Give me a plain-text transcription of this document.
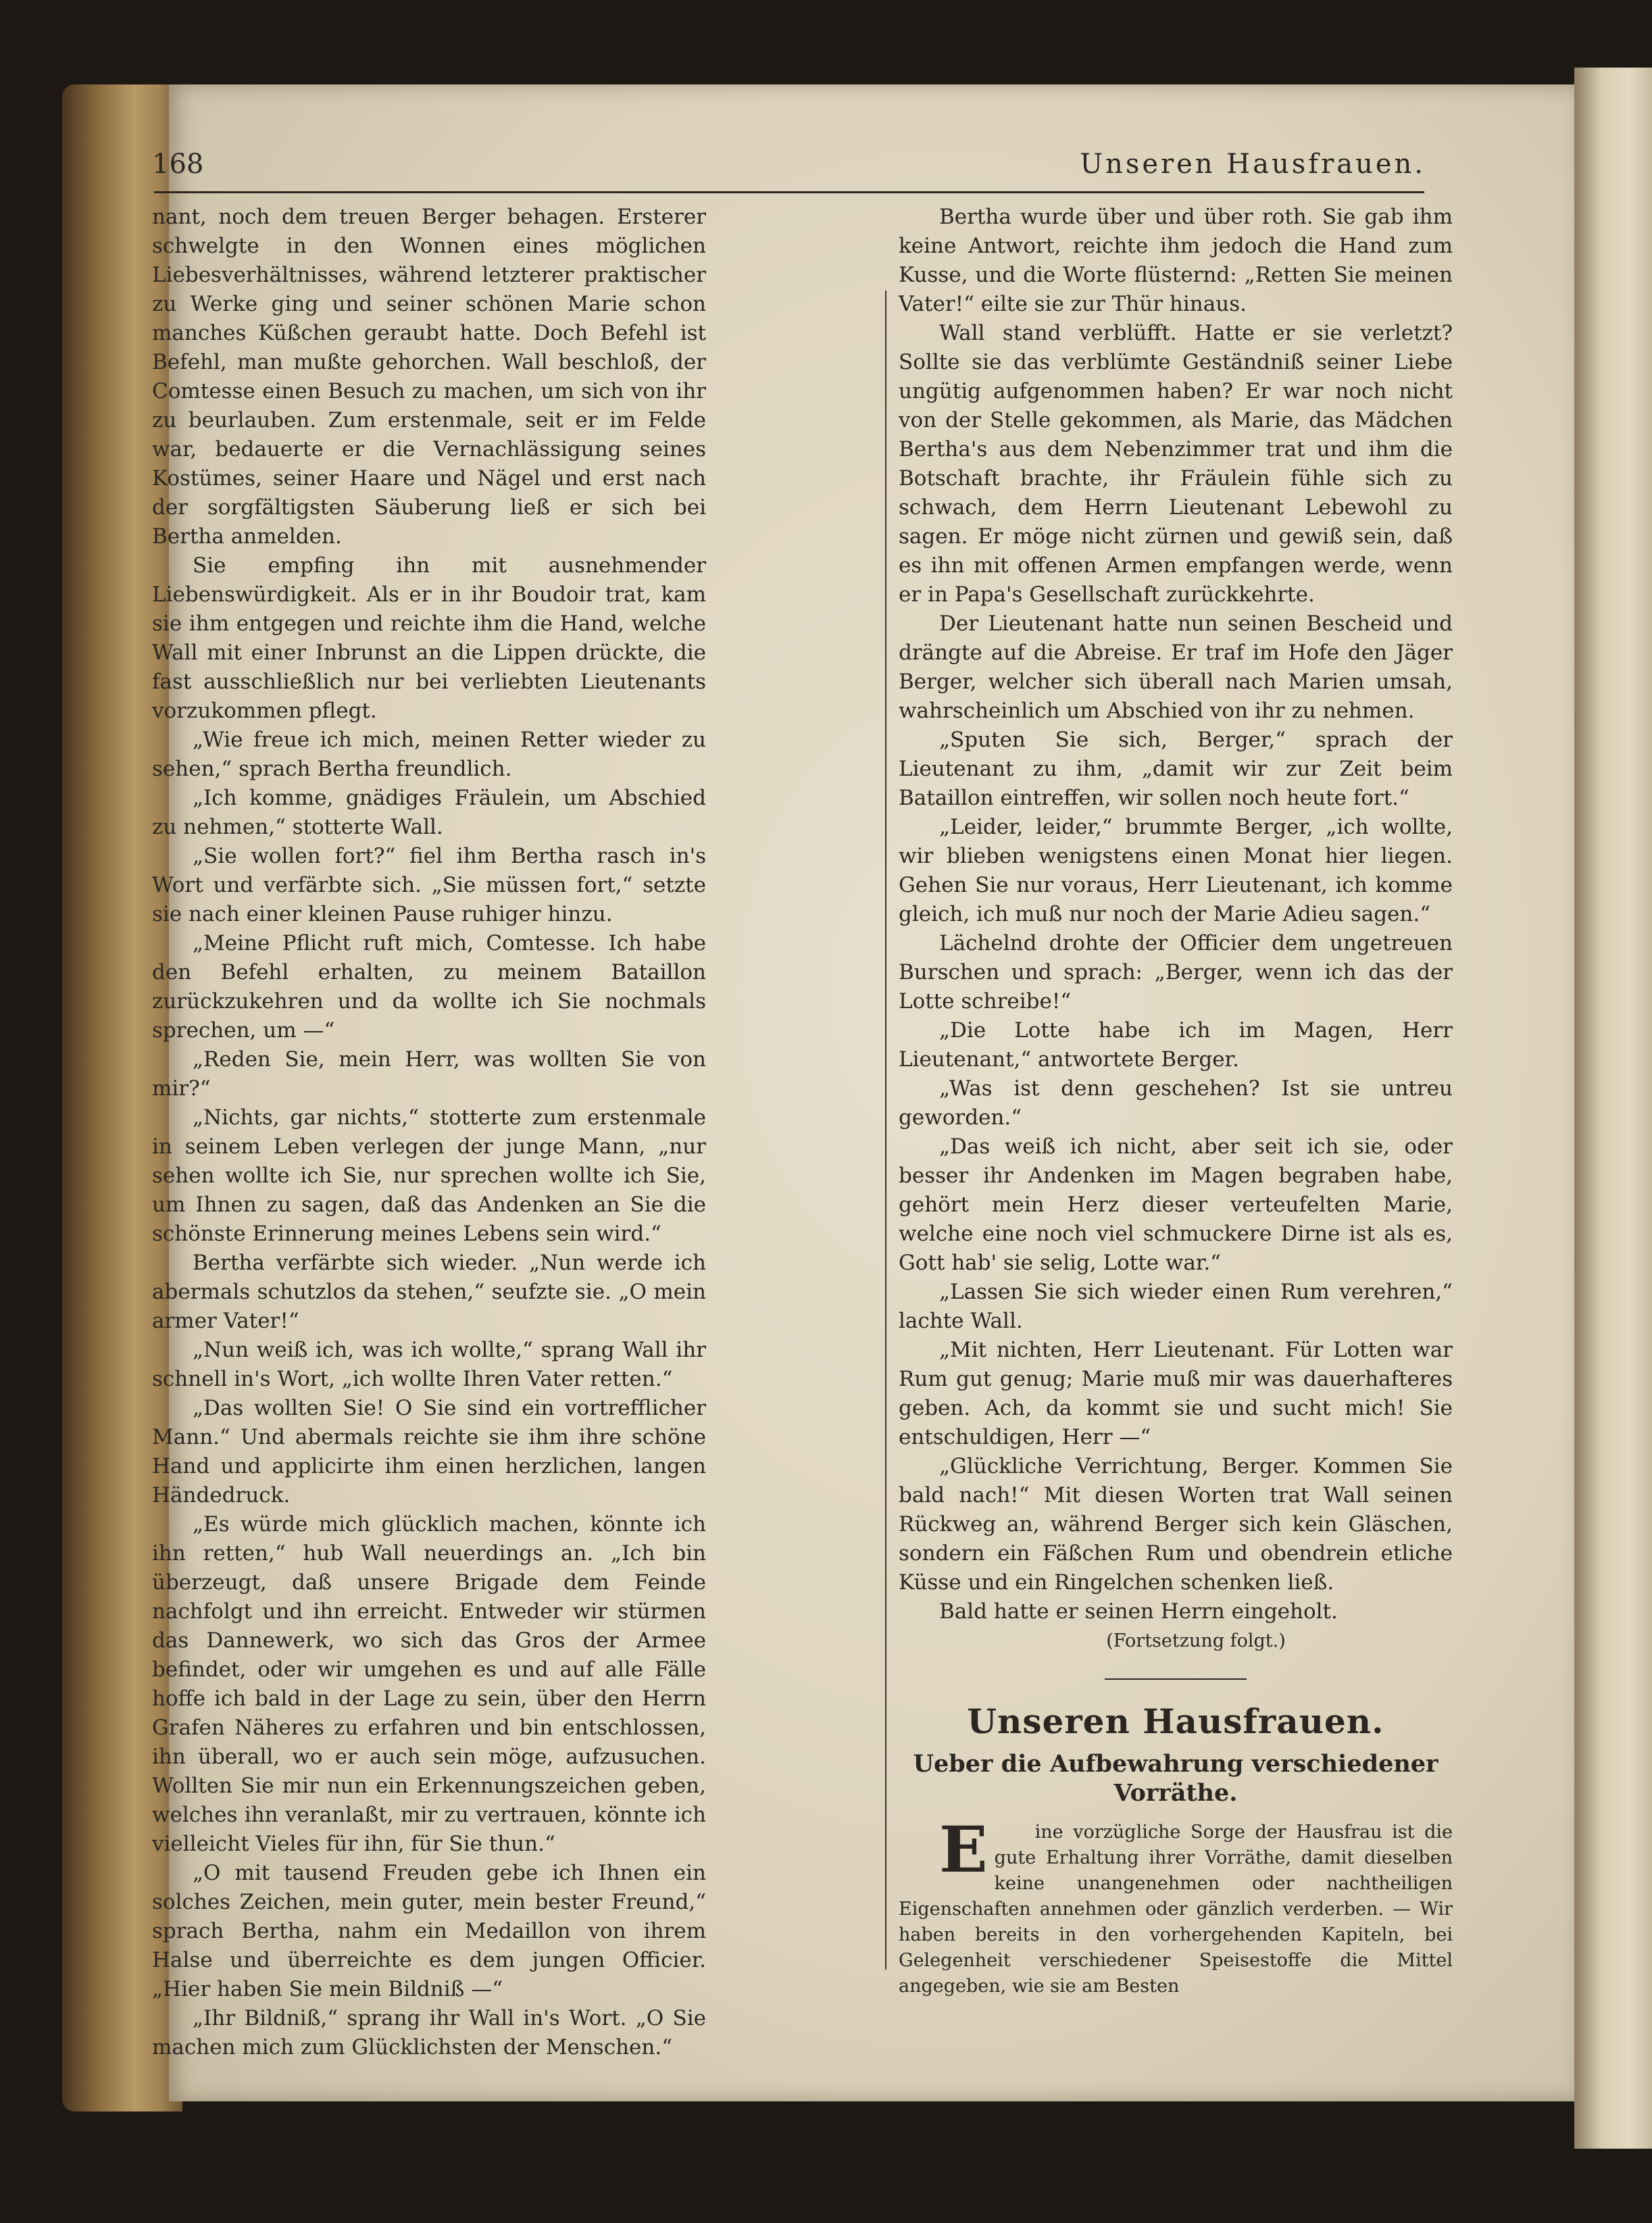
168	Unseren Hausfrauen.

nant, noch dem treuen Berger behagen. Ersterer schwelgte in den Wonnen eines möglichen Liebesverhältnisses, während letzterer praktischer zu Werke ging und seiner schönen Marie schon manches Küßchen geraubt hatte. Doch Befehl ist Befehl, man mußte gehorchen. Wall beschloß, der Comtesse einen Besuch zu machen, um sich von ihr zu beurlauben. Zum erstenmale, seit er im Felde war, bedauerte er die Vernachlässigung seines Kostümes, seiner Haare und Nägel und erst nach der sorgfältigsten Säuberung ließ er sich bei Bertha anmelden.

Sie empfing ihn mit ausnehmender Liebenswürdigkeit. Als er in ihr Boudoir trat, kam sie ihm entgegen und reichte ihm die Hand, welche Wall mit einer Inbrunst an die Lippen drückte, die fast ausschließlich nur bei verliebten Lieutenants vorzukommen pflegt.

„Wie freue ich mich, meinen Retter wieder zu sehen,“ sprach Bertha freundlich.

„Ich komme, gnädiges Fräulein, um Abschied zu nehmen,“ stotterte Wall.

„Sie wollen fort?“ fiel ihm Bertha rasch in's Wort und verfärbte sich. „Sie müssen fort,“ setzte sie nach einer kleinen Pause ruhiger hinzu.

„Meine Pflicht ruft mich, Comtesse. Ich habe den Befehl erhalten, zu meinem Bataillon zurückzukehren und da wollte ich Sie nochmals sprechen, um —“

„Reden Sie, mein Herr, was wollten Sie von mir?“

„Nichts, gar nichts,“ stotterte zum erstenmale in seinem Leben verlegen der junge Mann, „nur sehen wollte ich Sie, nur sprechen wollte ich Sie, um Ihnen zu sagen, daß das Andenken an Sie die schönste Erinnerung meines Lebens sein wird.“

Bertha verfärbte sich wieder. „Nun werde ich abermals schutzlos da stehen,“ seufzte sie. „O mein armer Vater!“

„Nun weiß ich, was ich wollte,“ sprang Wall ihr schnell in's Wort, „ich wollte Ihren Vater retten.“

„Das wollten Sie! O Sie sind ein vortrefflicher Mann.“ Und abermals reichte sie ihm ihre schöne Hand und applicirte ihm einen herzlichen, langen Händedruck.

„Es würde mich glücklich machen, könnte ich ihn retten,“ hub Wall neuerdings an. „Ich bin überzeugt, daß unsere Brigade dem Feinde nachfolgt und ihn erreicht. Entweder wir stürmen das Dannewerk, wo sich das Gros der Armee befindet, oder wir umgehen es und auf alle Fälle hoffe ich bald in der Lage zu sein, über den Herrn Grafen Näheres zu erfahren und bin entschlossen, ihn überall, wo er auch sein möge, aufzusuchen. Wollten Sie mir nun ein Erkennungszeichen geben, welches ihn veranlaßt, mir zu vertrauen, könnte ich vielleicht Vieles für ihn, für Sie thun.“

„O mit tausend Freuden gebe ich Ihnen ein solches Zeichen, mein guter, mein bester Freund,“ sprach Bertha, nahm ein Medaillon von ihrem Halse und überreichte es dem jungen Officier. „Hier haben Sie mein Bildniß —“

„Ihr Bildniß,“ sprang ihr Wall in's Wort. „O Sie machen mich zum Glücklichsten der Menschen.“

Bertha wurde über und über roth. Sie gab ihm keine Antwort, reichte ihm jedoch die Hand zum Kusse, und die Worte flüsternd: „Retten Sie meinen Vater!“ eilte sie zur Thür hinaus.

Wall stand verblüfft. Hatte er sie verletzt? Sollte sie das verblümte Geständniß seiner Liebe ungütig aufgenommen haben? Er war noch nicht von der Stelle gekommen, als Marie, das Mädchen Bertha's aus dem Nebenzimmer trat und ihm die Botschaft brachte, ihr Fräulein fühle sich zu schwach, dem Herrn Lieutenant Lebewohl zu sagen. Er möge nicht zürnen und gewiß sein, daß es ihn mit offenen Armen empfangen werde, wenn er in Papa's Gesellschaft zurückkehrte.

Der Lieutenant hatte nun seinen Bescheid und drängte auf die Abreise. Er traf im Hofe den Jäger Berger, welcher sich überall nach Marien umsah, wahrscheinlich um Abschied von ihr zu nehmen.

„Sputen Sie sich, Berger,“ sprach der Lieutenant zu ihm, „damit wir zur Zeit beim Bataillon eintreffen, wir sollen noch heute fort.“

„Leider, leider,“ brummte Berger, „ich wollte, wir blieben wenigstens einen Monat hier liegen. Gehen Sie nur voraus, Herr Lieutenant, ich komme gleich, ich muß nur noch der Marie Adieu sagen.“

Lächelnd drohte der Officier dem ungetreuen Burschen und sprach: „Berger, wenn ich das der Lotte schreibe!“

„Die Lotte habe ich im Magen, Herr Lieutenant,“ antwortete Berger.

„Was ist denn geschehen? Ist sie untreu geworden.“

„Das weiß ich nicht, aber seit ich sie, oder besser ihr Andenken im Magen begraben habe, gehört mein Herz dieser verteufelten Marie, welche eine noch viel schmuckere Dirne ist als es, Gott hab' sie selig, Lotte war.“

„Lassen Sie sich wieder einen Rum verehren,“ lachte Wall.

„Mit nichten, Herr Lieutenant. Für Lotten war Rum gut genug; Marie muß mir was dauerhafteres geben. Ach, da kommt sie und sucht mich! Sie entschuldigen, Herr —“

„Glückliche Verrichtung, Berger. Kommen Sie bald nach!“ Mit diesen Worten trat Wall seinen Rückweg an, während Berger sich kein Gläschen, sondern ein Fäßchen Rum und obendrein etliche Küsse und ein Ringelchen schenken ließ.

Bald hatte er seinen Herrn eingeholt.

(Fortsetzung folgt.)

Unseren Hausfrauen.
Ueber die Aufbewahrung verschiedener Vorräthe.

E	ine vorzügliche Sorge der Hausfrau ist die gute Erhaltung ihrer Vorräthe, damit dieselben keine unangenehmen oder nachtheiligen Eigenschaften annehmen oder gänzlich verderben. — Wir haben bereits in den vorhergehenden Kapiteln, bei Gelegenheit verschiedener Speisestoffe die Mittel angegeben, wie sie am Besten
